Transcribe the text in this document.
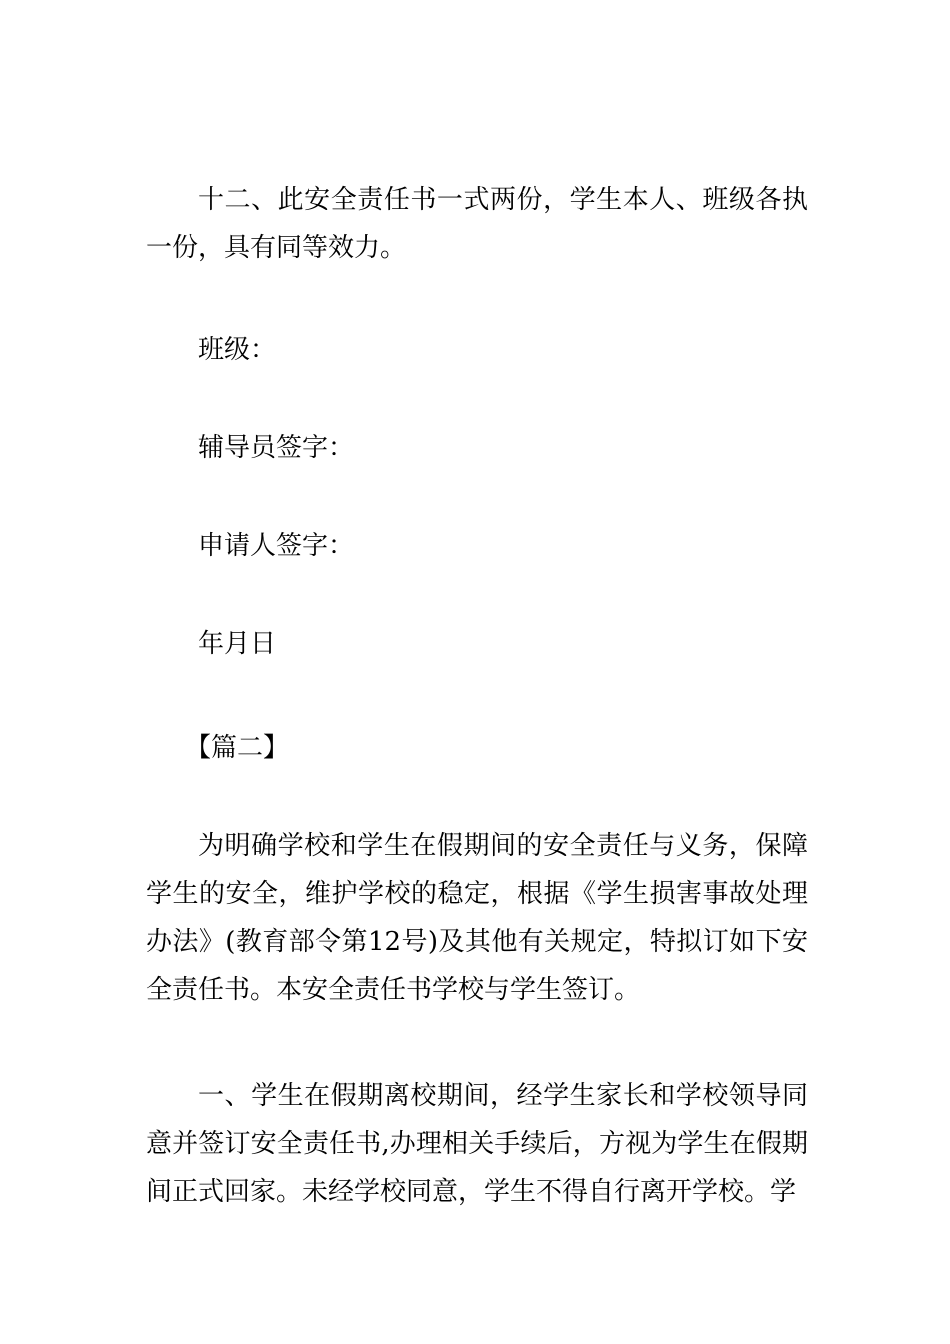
十二、此安全责任书一式两份，学生本人、班级各执一份，具有同等效力。

班级：

辅导员签字：

申请人签字：

年月日

【篇二】

为明确学校和学生在假期间的安全责任与义务，保障学生的安全，维护学校的稳定，根据《学生损害事故处理办法》(教育部令第12号)及其他有关规定，特拟订如下安全责任书。本安全责任书学校与学生签订。

一、学生在假期离校期间，经学生家长和学校领导同意并签订安全责任书,办理相关手续后，方视为学生在假期间正式回家。未经学校同意，学生不得自行离开学校。学
